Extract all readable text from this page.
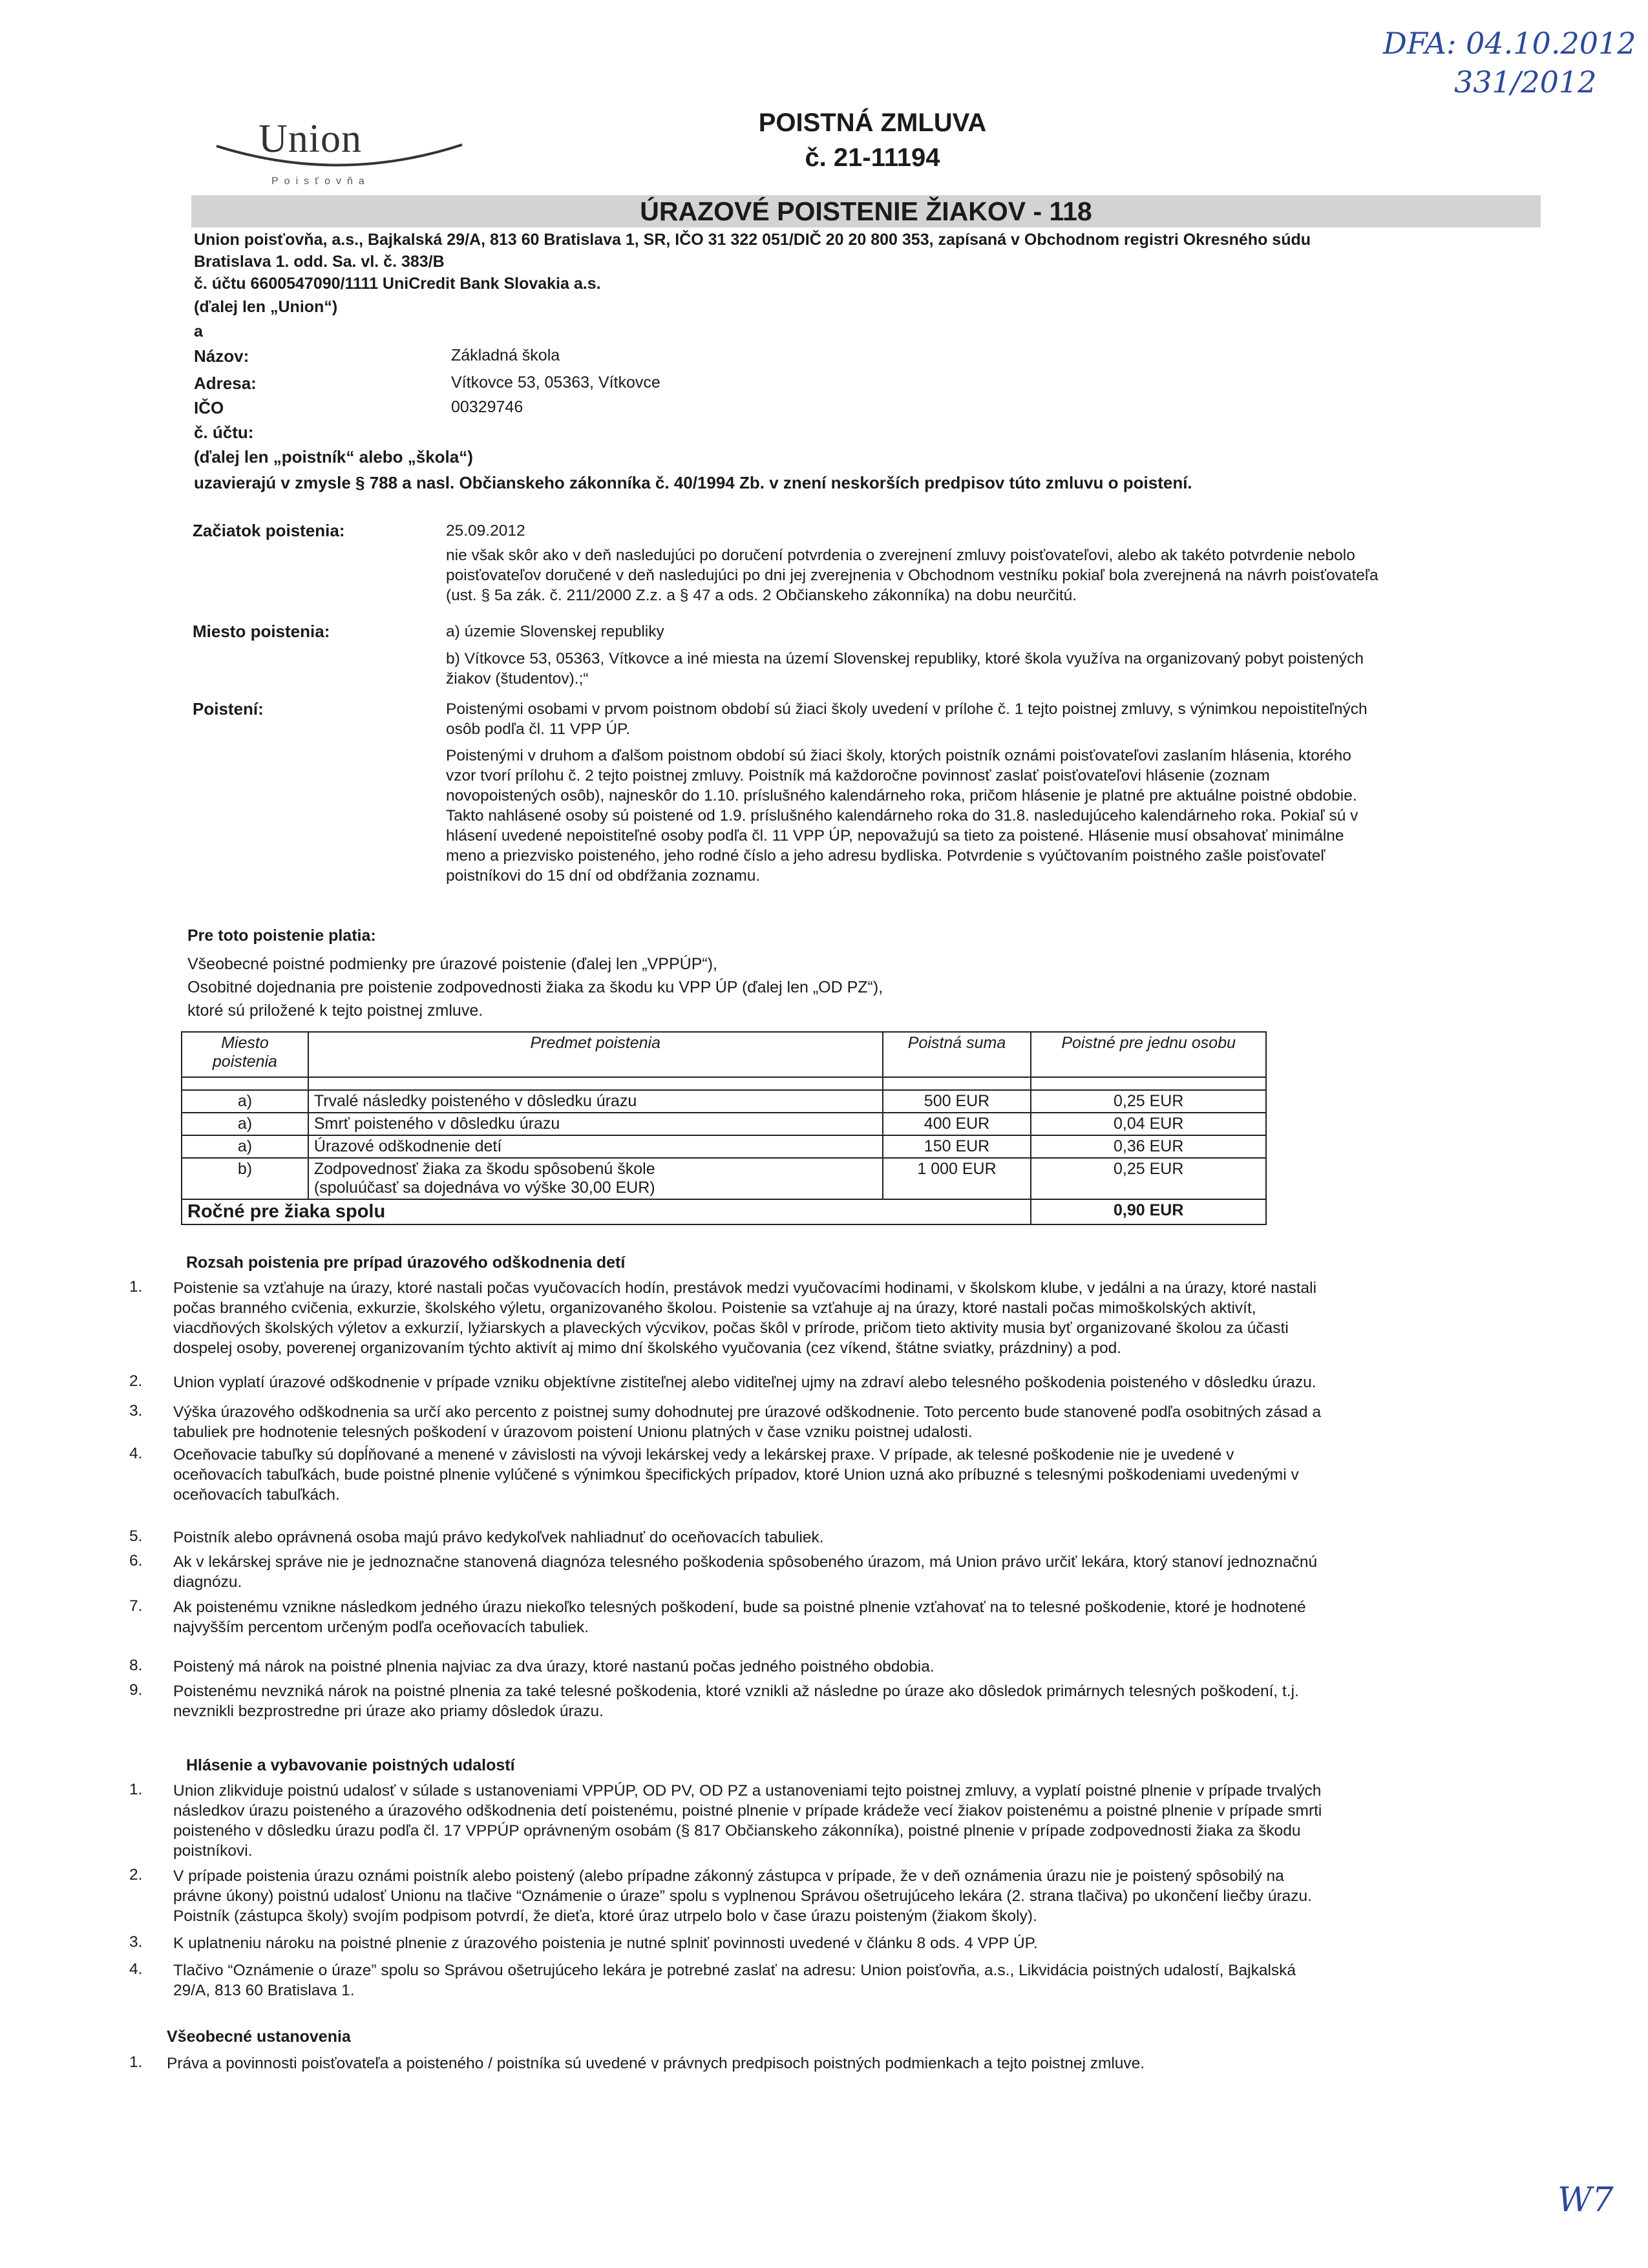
DFA: 04.10.2012
331/2012
W7
Union
Poisťovňa
POISTNÁ ZMLUVA
č. 21-11194
ÚRAZOVÉ POISTENIE ŽIAKOV - 118
Union poisťovňa, a.s., Bajkalská 29/A, 813 60 Bratislava 1, SR, IČO 31 322 051/DIČ 20 20 800 353, zapísaná v Obchodnom registri Okresného súdu
Bratislava 1. odd. Sa. vl. č. 383/B
č. účtu 6600547090/1111 UniCredit Bank Slovakia a.s.
(ďalej len „Union“)
a
Názov:	Základná škola
Adresa:	Vítkovce 53, 05363, Vítkovce
IČO	00329746
č. účtu:
(ďalej len „poistník“ alebo „škola“)
uzavierajú v zmysle § 788 a nasl. Občianskeho zákonníka č. 40/1994 Zb. v znení neskorších predpisov túto zmluvu o poistení.
Začiatok poistenia:	25.09.2012
nie však skôr ako v deň nasledujúci po doručení potvrdenia o zverejnení zmluvy poisťovateľovi, alebo ak takéto potvrdenie nebolo
poisťovateľov doručené v deň nasledujúci po dni jej zverejnenia v Obchodnom vestníku pokiaľ bola zverejnená na návrh poisťovateľa
(ust. § 5a zák. č. 211/2000 Z.z. a § 47 a ods. 2 Občianskeho zákonníka) na dobu neurčitú.
Miesto poistenia:	a) územie Slovenskej republiky
b) Vítkovce 53, 05363, Vítkovce a iné miesta na území Slovenskej republiky, ktoré škola využíva na organizovaný pobyt poistených
žiakov (študentov).;“
Poistení:	Poistenými osobami v prvom poistnom období sú žiaci školy uvedení v prílohe č. 1 tejto poistnej zmluvy, s výnimkou nepoistiteľných
osôb podľa čl. 11 VPP ÚP.
Poistenými v druhom a ďalšom poistnom období sú žiaci školy, ktorých poistník oznámi poisťovateľovi zaslaním hlásenia, ktorého
vzor tvorí prílohu č. 2 tejto poistnej zmluvy. Poistník má každoročne povinnosť zaslať poisťovateľovi hlásenie (zoznam
novopoistených osôb), najneskôr do 1.10. príslušného kalendárneho roka, pričom hlásenie je platné pre aktuálne poistné obdobie.
Takto nahlásené osoby sú poistené od 1.9. príslušného kalendárneho roka do 31.8. nasledujúceho kalendárneho roka. Pokiaľ sú v
hlásení uvedené nepoistiteľné osoby podľa čl. 11 VPP ÚP, nepovažujú sa tieto za poistené. Hlásenie musí obsahovať minimálne
meno a priezvisko poisteného, jeho rodné číslo a jeho adresu bydliska. Potvrdenie s vyúčtovaním poistného zašle poisťovateľ
poistníkovi do 15 dní od obdŕžania zoznamu.
Pre toto poistenie platia:
Všeobecné poistné podmienky pre úrazové poistenie (ďalej len „VPPÚP“),
Osobitné dojednania pre poistenie zodpovednosti žiaka za škodu ku VPP ÚP (ďalej len „OD PZ“),
ktoré sú priložené k tejto poistnej zmluve.
Miesto
poistenia	Predmet poistenia	Poistná suma	Poistné pre jednu osobu

a)	Trvalé následky poisteného v dôsledku úrazu	500 EUR	0,25 EUR
a)	Smrť poisteného v dôsledku úrazu	400 EUR	0,04 EUR
a)	Úrazové odškodnenie detí	150 EUR	0,36 EUR
b)	Zodpovednosť žiaka za škodu spôsobenú škole
(spoluúčasť sa dojednáva vo výške 30,00 EUR)	1 000 EUR	0,25 EUR
Ročné pre žiaka spolu			0,90 EUR
Rozsah poistenia pre prípad úrazového odškodnenia detí
1. Poistenie sa vzťahuje na úrazy, ktoré nastali počas vyučovacích hodín, prestávok medzi vyučovacími hodinami, v školskom klube, v jedálni a na úrazy, ktoré nastali
počas branného cvičenia, exkurzie, školského výletu, organizovaného školou. Poistenie sa vzťahuje aj na úrazy, ktoré nastali počas mimoškolských aktivít,
viacdňových školských výletov a exkurzií, lyžiarskych a plaveckých výcvikov, počas škôl v prírode, pričom tieto aktivity musia byť organizované školou za účasti
dospelej osoby, poverenej organizovaním týchto aktivít aj mimo dní školského vyučovania (cez víkend, štátne sviatky, prázdniny) a pod.
2. Union vyplatí úrazové odškodnenie v prípade vzniku objektívne zistiteľnej alebo viditeľnej ujmy na zdraví alebo telesného poškodenia poisteného v dôsledku úrazu.
3. Výška úrazového odškodnenia sa určí ako percento z poistnej sumy dohodnutej pre úrazové odškodnenie. Toto percento bude stanovené podľa osobitných zásad a
tabuliek pre hodnotenie telesných poškodení v úrazovom poistení Unionu platných v čase vzniku poistnej udalosti.
4. Oceňovacie tabuľky sú dopĺňované a menené v závislosti na vývoji lekárskej vedy a lekárskej praxe. V prípade, ak telesné poškodenie nie je uvedené v
oceňovacích tabuľkách, bude poistné plnenie vylúčené s výnimkou špecifických prípadov, ktoré Union uzná ako príbuzné s telesnými poškodeniami uvedenými v
oceňovacích tabuľkách.
5. Poistník alebo oprávnená osoba majú právo kedykoľvek nahliadnuť do oceňovacích tabuliek.
6. Ak v lekárskej správe nie je jednoznačne stanovená diagnóza telesného poškodenia spôsobeného úrazom, má Union právo určiť lekára, ktorý stanoví jednoznačnú
diagnózu.
7. Ak poistenému vznikne následkom jedného úrazu niekoľko telesných poškodení, bude sa poistné plnenie vzťahovať na to telesné poškodenie, ktoré je hodnotené
najvyšším percentom určeným podľa oceňovacích tabuliek.
8. Poistený má nárok na poistné plnenia najviac za dva úrazy, ktoré nastanú počas jedného poistného obdobia.
9. Poistenému nevzniká nárok na poistné plnenia za také telesné poškodenia, ktoré vznikli až následne po úraze ako dôsledok primárnych telesných poškodení, t.j.
nevznikli bezprostredne pri úraze ako priamy dôsledok úrazu.
Hlásenie a vybavovanie poistných udalostí
1. Union zlikviduje poistnú udalosť v súlade s ustanoveniami VPPÚP, OD PV, OD PZ a ustanoveniami tejto poistnej zmluvy, a vyplatí poistné plnenie v prípade trvalých
následkov úrazu poisteného a úrazového odškodnenia detí poistenému, poistné plnenie v prípade krádeže vecí žiakov poistenému a poistné plnenie v prípade smrti
poisteného v dôsledku úrazu podľa čl. 17 VPPÚP oprávneným osobám (§ 817 Občianskeho zákonníka), poistné plnenie v prípade zodpovednosti žiaka za škodu
poistníkovi.
2. V prípade poistenia úrazu oznámi poistník alebo poistený (alebo prípadne zákonný zástupca v prípade, že v deň oznámenia úrazu nie je poistený spôsobilý na
právne úkony) poistnú udalosť Unionu na tlačive “Oznámenie o úraze” spolu s vyplnenou Správou ošetrujúceho lekára (2. strana tlačiva) po ukončení liečby úrazu.
Poistník (zástupca školy) svojím podpisom potvrdí, že dieťa, ktoré úraz utrpelo bolo v čase úrazu poisteným (žiakom školy).
3. K uplatneniu nároku na poistné plnenie z úrazového poistenia je nutné splniť povinnosti uvedené v článku 8 ods. 4 VPP ÚP.
4. Tlačivo “Oznámenie o úraze” spolu so Správou ošetrujúceho lekára je potrebné zaslať na adresu: Union poisťovňa, a.s., Likvidácia poistných udalostí, Bajkalská
29/A, 813 60 Bratislava 1.
Všeobecné ustanovenia
1. Práva a povinnosti poisťovateľa a poisteného / poistníka sú uvedené v právnych predpisoch poistných podmienkach a tejto poistnej zmluve.
